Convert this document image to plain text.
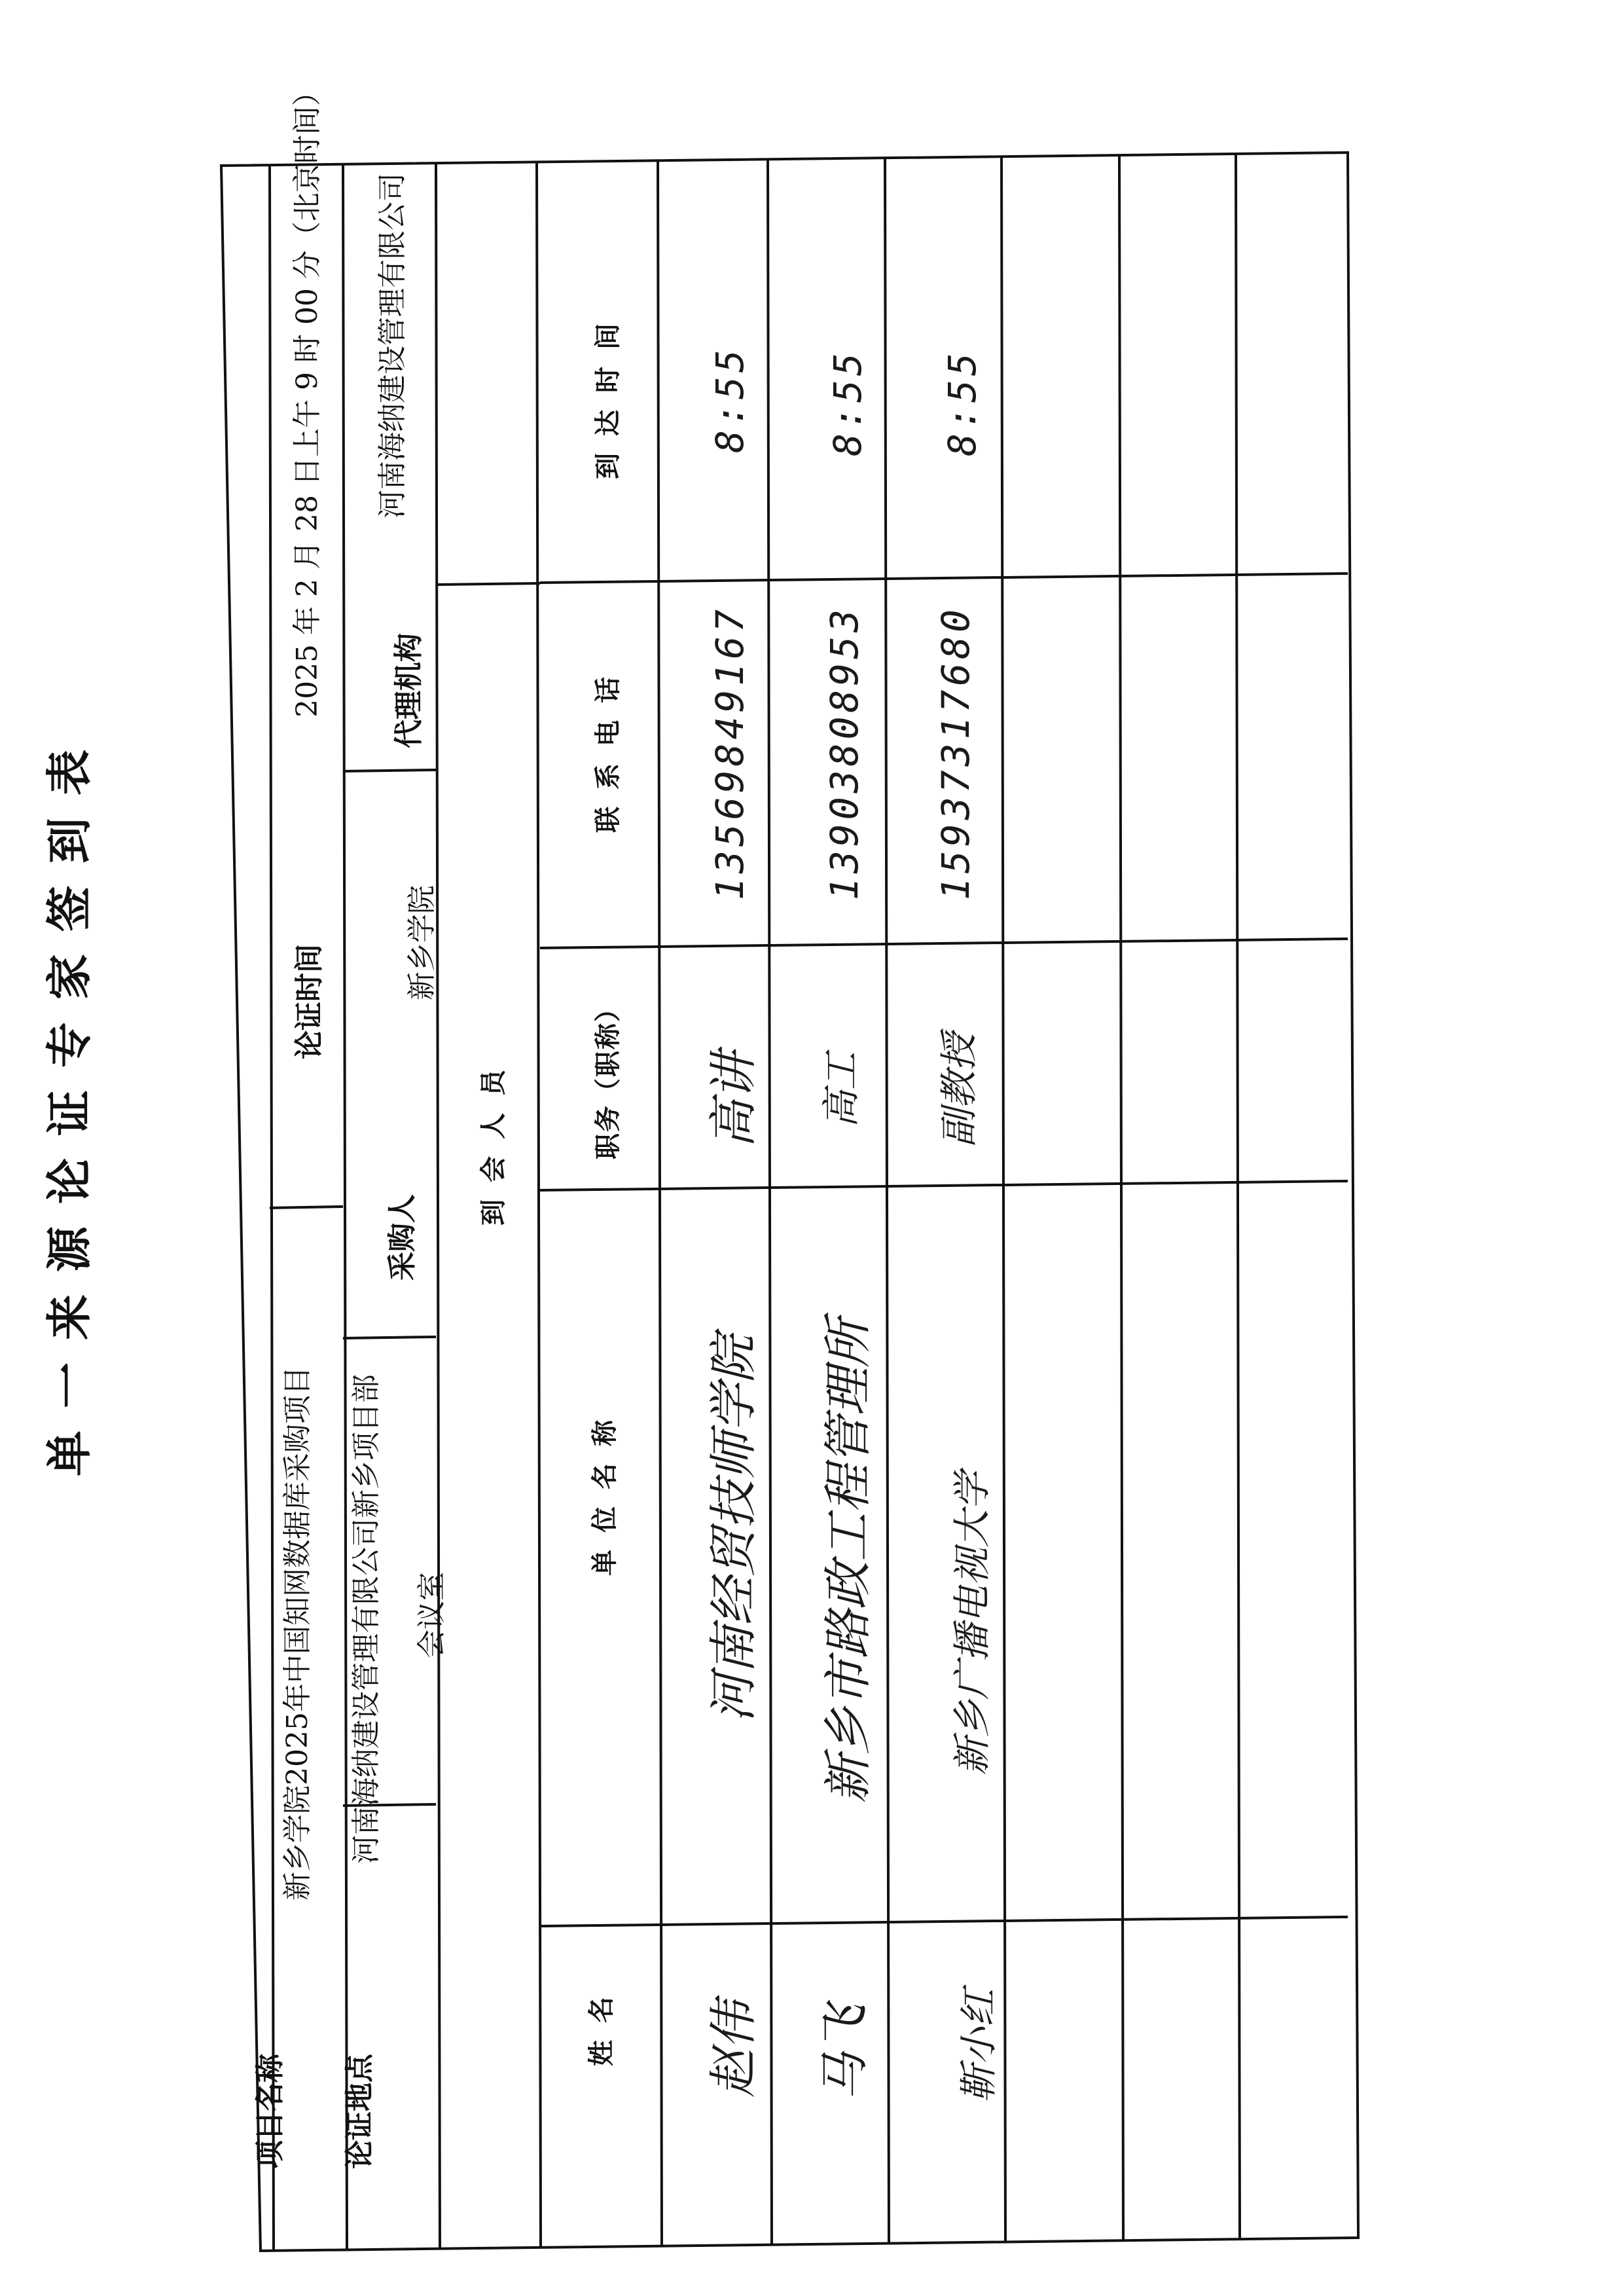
单一来源论证专家签到表
项目名称
新乡学院2025年中国知网数据库采购项目
论证时间
2025 年 2 月 28 日上午 9 时 00 分（北京时间）
论证地点
河南海纳建设管理有限公司新乡项目部	会议室
采购人
新乡学院
代理机构
河南海纳建设管理有限公司
到会人员
姓名
单位名称
职务（职称）
联系电话
到达时间
赵伟
河南经贸技师学院
高讲
13569849167
8:55
马飞
新乡市路政工程管理所
高工
13903808953
8:55
靳小红
新乡广播电视大学
副教授
15937317680
8:55
